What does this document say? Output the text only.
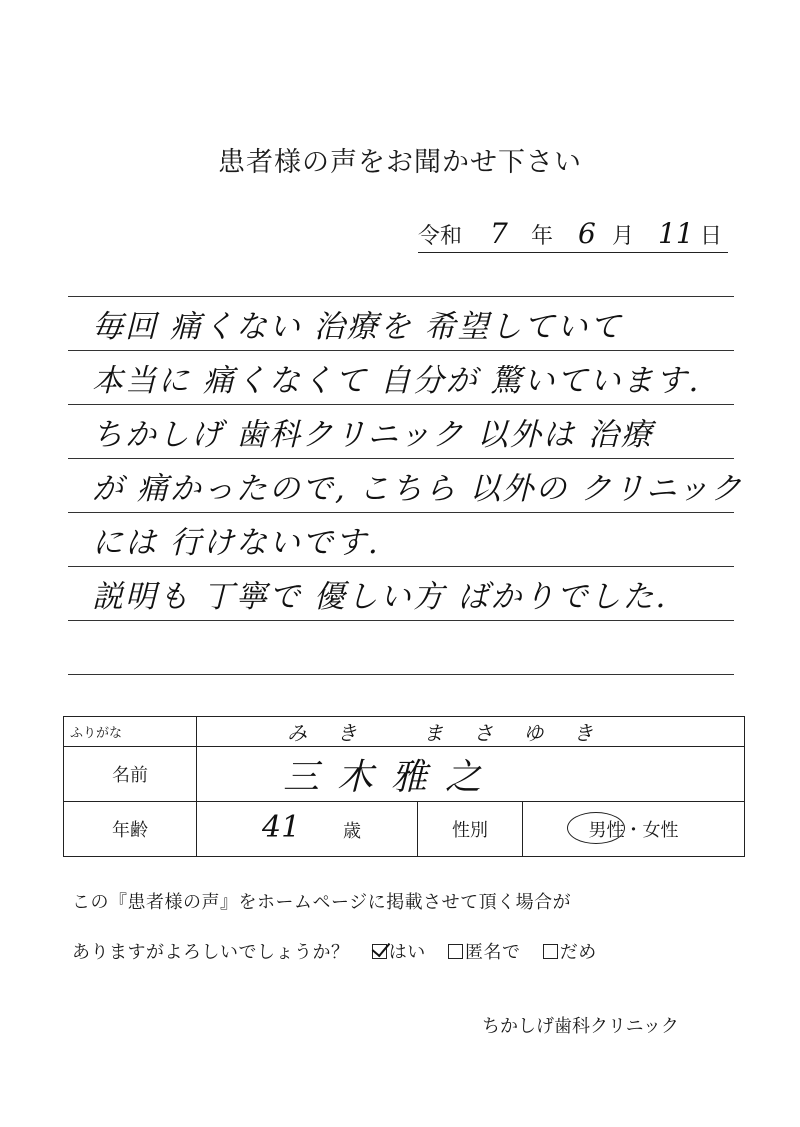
患者様の声をお聞かせ下さい
令和 7 年 6 月 11 日
毎回 痛くない 治療を 希望していて
本当に 痛くなくて 自分が 驚いています.
ちかしげ 歯科クリニック 以外は 治療
が 痛かったので, こちら 以外の クリニック
には 行けないです.
説明も 丁寧で 優しい方 ばかりでした.
ふりがな	みき まさゆき		
名前	三木雅之		
年齢	41 歳	性別	男性・女性
この『患者様の声』をホームページに掲載させて頂く場合が
ありますがよろしいでしょうか？ はい 匿名で だめ
ちかしげ歯科クリニック
